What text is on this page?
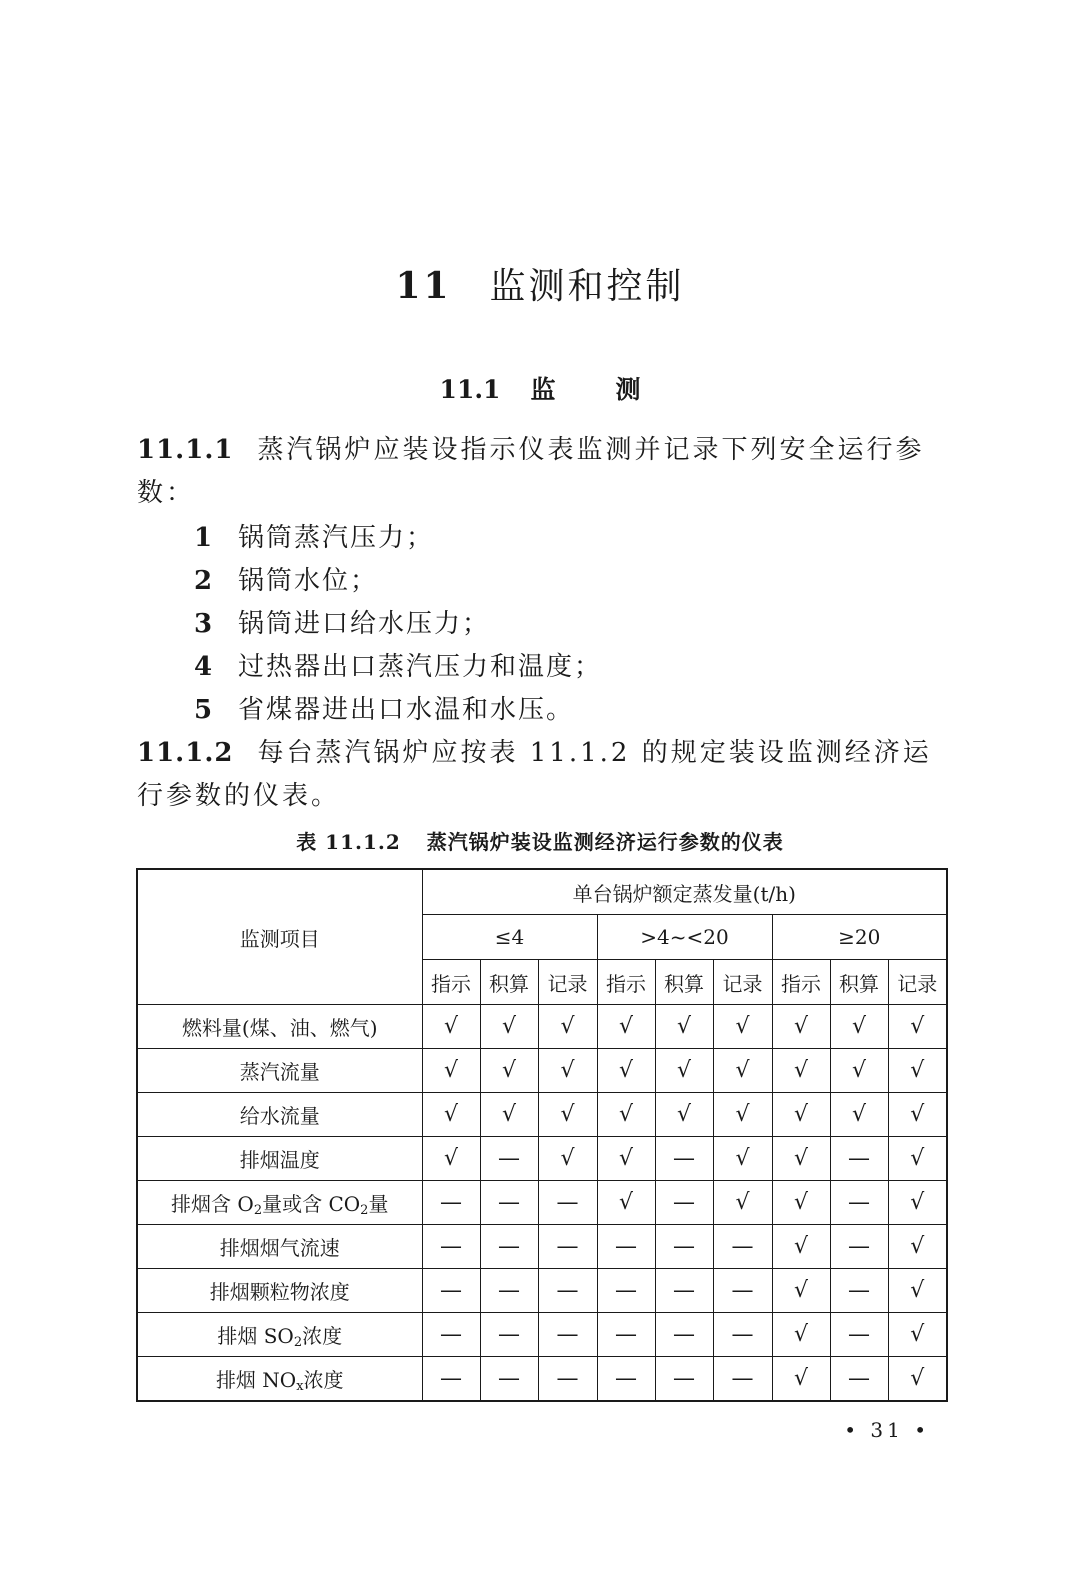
11 监测和控制
11.1 监测
11.1.1 蒸汽锅炉应装设指示仪表监测并记录下列安全运行参数：
1 锅筒蒸汽压力；
2 锅筒水位；
3 锅筒进口给水压力；
4 过热器出口蒸汽压力和温度；
5 省煤器进出口水温和水压。
11.1.2 每台蒸汽锅炉应按表 11.1.2 的规定装设监测经济运行参数的仪表。
表 11.1.2 蒸汽锅炉装设监测经济运行参数的仪表
监测项目	单台锅炉额定蒸发量(t/h)								
	≤4			>4~<20			≥20		
	指示	积算	记录	指示	积算	记录	指示	积算	记录
燃料量(煤、油、燃气)	√	√	√	√	√	√	√	√	√
蒸汽流量	√	√	√	√	√	√	√	√	√
给水流量	√	√	√	√	√	√	√	√	√
排烟温度	√	—	√	√	—	√	√	—	√
排烟含 $O_2$量或含 $CO_2$量	—	—	—	√	—	√	√	—	√
排烟烟气流速	—	—	—	—	—	—	√	—	√
排烟颗粒物浓度	—	—	—	—	—	—	√	—	√
排烟 $SO_2$浓度	—	—	—	—	—	—	√	—	√
排烟 $NO_x$浓度	—	—	—	—	—	—	√	—	√
• 31 •
